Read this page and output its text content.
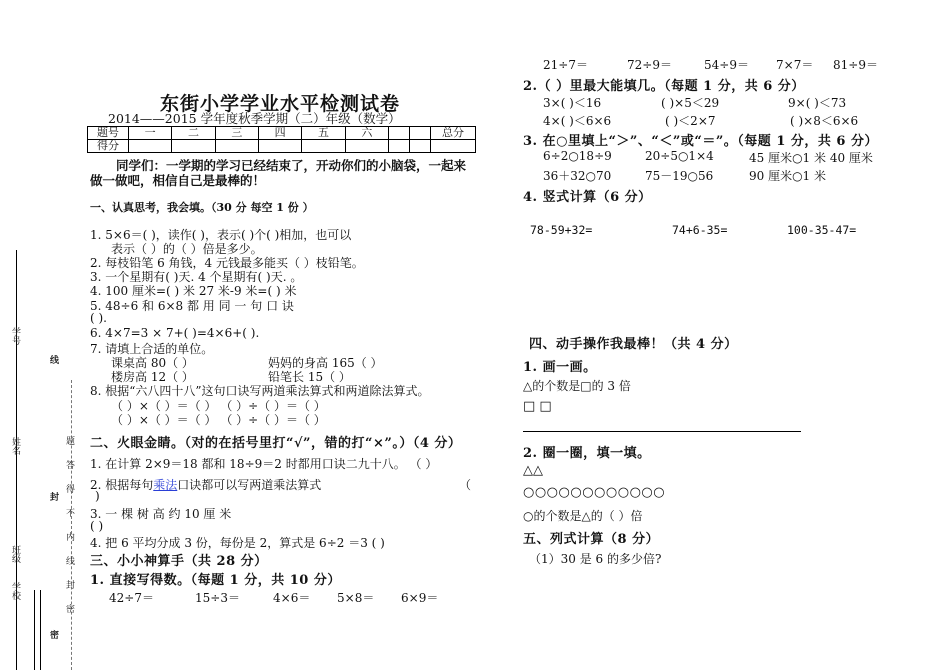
学号
姓名
班级
学校
线
封
密
题
答
得
不
内
线
封
密
东街小学学业水平检测试卷
2014——2015 学年度秋季学期（二）年级（数学）
题号	一	二	三	四	五	六			总分
得分									
同学们：一学期的学习已经结束了，开动你们的小脑袋，一起来
做一做吧，相信自己是最棒的！
一、认真思考，我会填。（30 分 每空 1 份 ）
1. 5×6＝( )，读作( )，表示( )个( )相加，也可以
表示（ ）的（ ）倍是多少。
2. 每枝铅笔 6 角钱，4 元钱最多能买（ ）枝铅笔。
3. 一个星期有( )天. 4 个星期有( )天. 。
4. 100 厘米=( ) 米 27 米-9 米=( ) 米
5. 48÷6 和 6×8 都 用 同 一 句 口 诀
( ).
6. 4×7=3 × 7+( )=4×6+( ).
7. 请填上合适的单位。
课桌高 80（ ）	妈妈的身高 165（ ）
楼房高 12（ ）	铅笔长 15（ ）
8. 根据“六八四十八”这句口诀写两道乘法算式和两道除法算式。
（ ）×（ ）＝（ ） （ ）÷（ ）＝（ ）
（ ）×（ ）＝（ ） （ ）÷（ ）＝（ ）
二、火眼金睛。（对的在括号里打“√”，错的打“×”。）（4 分）
1. 在计算 2×9＝18 都和 18÷9＝2 时都用口诀二九十八。 （ ）
2. 根据每句乘法口诀都可以写两道乘法算式	（
)
3. 一 棵 树 高 约 10 厘 米
( )
4. 把 6 平均分成 3 份，每份是 2，算式是 6÷2 ＝3 ( )
三、小小神算手（共 28 分）
1. 直接写得数。（每题 1 分，共 10 分）
42÷7＝	15÷3＝	4×6＝ 5×8＝ 6×9＝
21÷7＝	72÷9＝	54÷9＝ 7×7＝ 81÷9＝
2.（ ）里最大能填几。（每题 1 分，共 6 分）
3×( )＜16	( )×5＜29	9×( )＜73
4×( )＜6×6	( )＜2×7	( )×8＜6×6
3. 在○里填上“＞”、“＜”或“＝”。（每题 1 分，共 6 分）
6÷2○18÷9	20÷5○1×4	45 厘米○1 米 40 厘米
36＋32○70	75－19○56	90 厘米○1 米
4. 竖式计算（6 分）
78-59+32=	74+6-35=	100-35-47=
四、动手操作我最棒！（共 4 分）
1. 画一画。
△的个数是□的 3 倍
□ □
2. 圈一圈，填一填。
△△
○○○○○○○○○○○○
○的个数是△的（ ）倍
五、列式计算（8 分）
（1）30 是 6 的多少倍?
